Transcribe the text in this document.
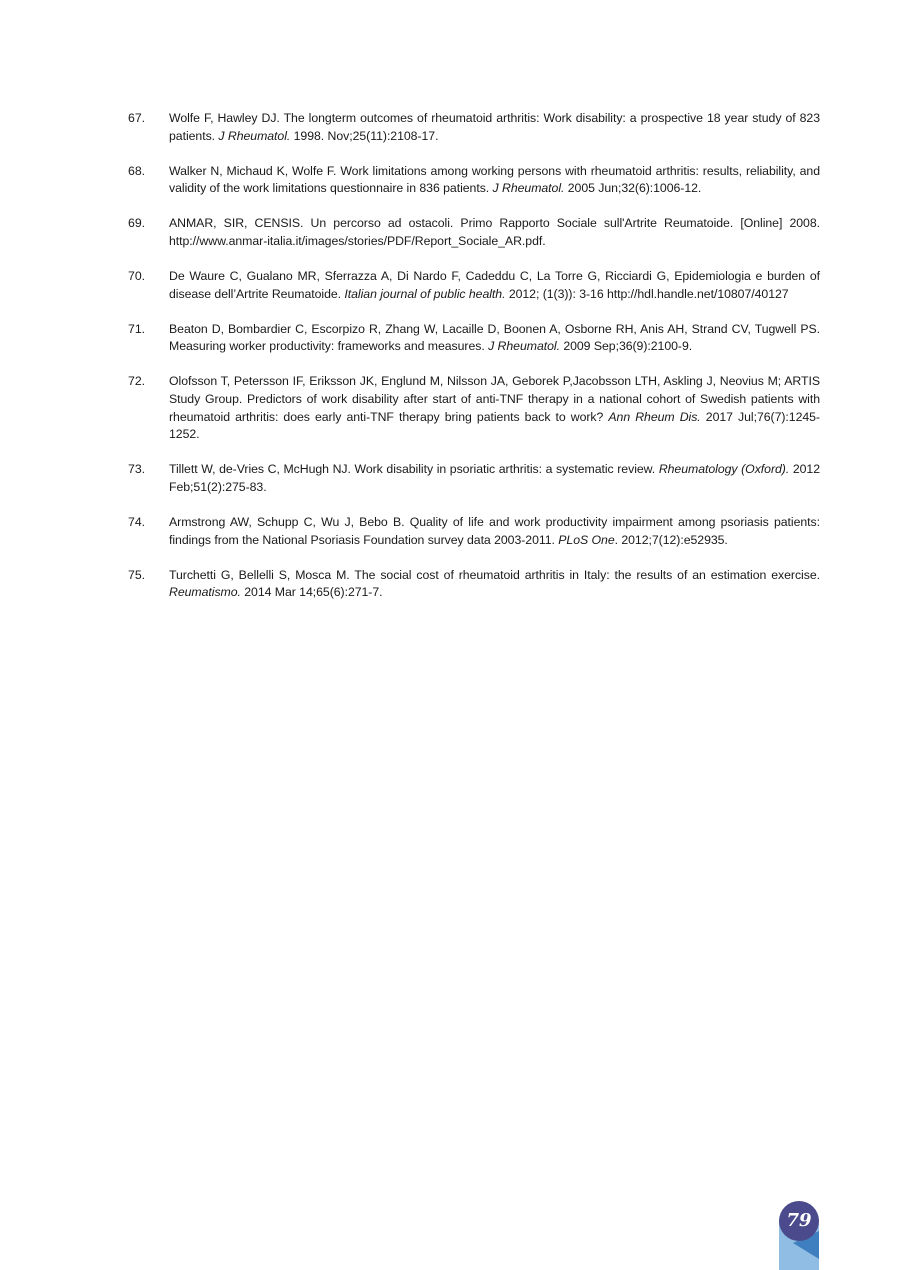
67.	Wolfe F, Hawley DJ. The longterm outcomes of rheumatoid arthritis: Work disability: a prospective 18 year study of 823 patients. J Rheumatol. 1998. Nov;25(11):2108-17.
68.	Walker N, Michaud K, Wolfe F. Work limitations among working persons with rheumatoid arthritis: results, reliability, and validity of the work limitations questionnaire in 836 patients. J Rheumatol. 2005 Jun;32(6):1006-12.
69.	ANMAR, SIR, CENSIS. Un percorso ad ostacoli. Primo Rapporto Sociale sull'Artrite Reumatoide. [Online] 2008. http://www.anmar-italia.it/images/stories/PDF/Report_Sociale_AR.pdf.
70.	De Waure C, Gualano MR, Sferrazza A, Di Nardo F, Cadeddu C, La Torre G, Ricciardi G, Epidemiologia e burden of disease dell’Artrite Reumatoide. Italian journal of public health. 2012; (1(3)): 3-16 http://hdl.handle.net/10807/40127
71.	Beaton D, Bombardier C, Escorpizo R, Zhang W, Lacaille D, Boonen A, Osborne RH, Anis AH, Strand CV, Tugwell PS. Measuring worker productivity: frameworks and measures. J Rheumatol. 2009 Sep;36(9):2100-9.
72.	Olofsson T, Petersson IF, Eriksson JK, Englund M, Nilsson JA, Geborek P,Jacobsson LTH, Askling J, Neovius M; ARTIS Study Group. Predictors of work disability after start of anti-TNF therapy in a national cohort of Swedish patients with rheumatoid arthritis: does early anti-TNF therapy bring patients back to work? Ann Rheum Dis. 2017 Jul;76(7):1245-1252.
73.	Tillett W, de-Vries C, McHugh NJ. Work disability in psoriatic arthritis: a systematic review. Rheumatology (Oxford). 2012 Feb;51(2):275-83.
74.	Armstrong AW, Schupp C, Wu J, Bebo B. Quality of life and work productivity impairment among psoriasis patients: findings from the National Psoriasis Foundation survey data 2003-2011. PLoS One. 2012;7(12):e52935.
75.	Turchetti G, Bellelli S, Mosca M. The social cost of rheumatoid arthritis in Italy: the results of an estimation exercise. Reumatismo. 2014 Mar 14;65(6):271-7.
79
